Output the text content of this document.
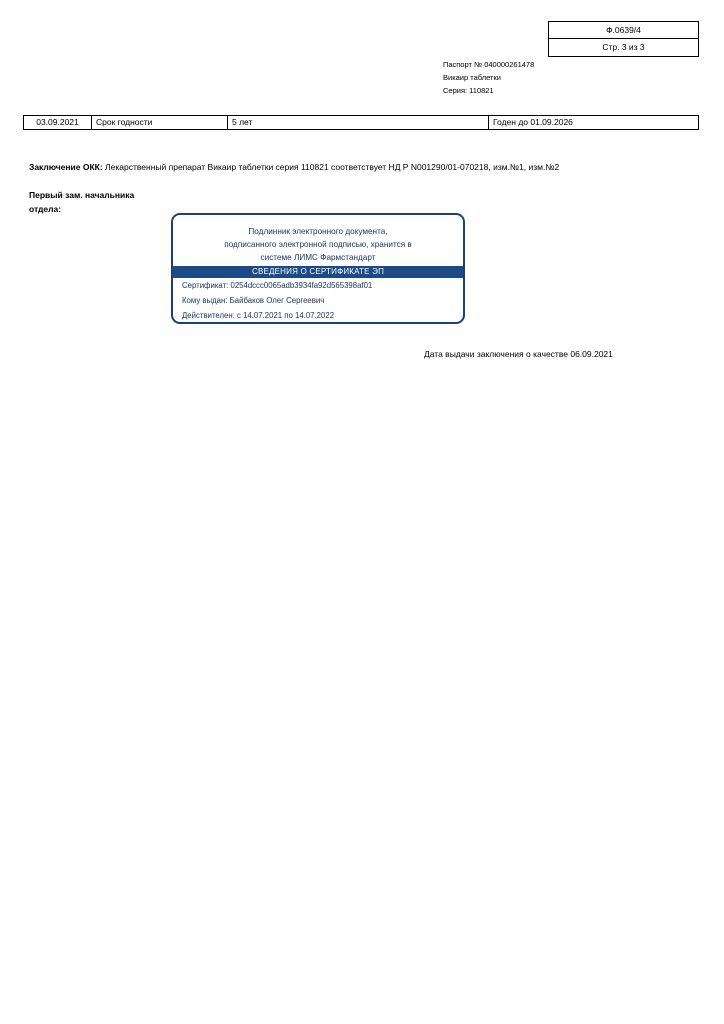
Ф.0639/4
Стр. 3 из 3
Паспорт № 040000261478
Викаир таблетки
Серия: 110821
03.09.2021	Срок годности	5 лет	Годен до 01.09.2026
Заключение ОКК: Лекарственный препарат Викаир таблетки серия 110821 соответствует НД Р N001290/01-070218, изм.№1, изм.№2
Первый зам. начальника отдела:
Подлинник электронного документа,
подписанного электронной подписью, хранится в
системе ЛИМС Фармстандарт
СВЕДЕНИЯ О СЕРТИФИКАТЕ ЭП
Сертификат: 0254dccc0065adb3934fa92d565398af01
Кому выдан: Байбаков Олег Сергеевич
Действителен: с 14.07.2021 по 14.07.2022
Дата выдачи заключения о качестве 06.09.2021
